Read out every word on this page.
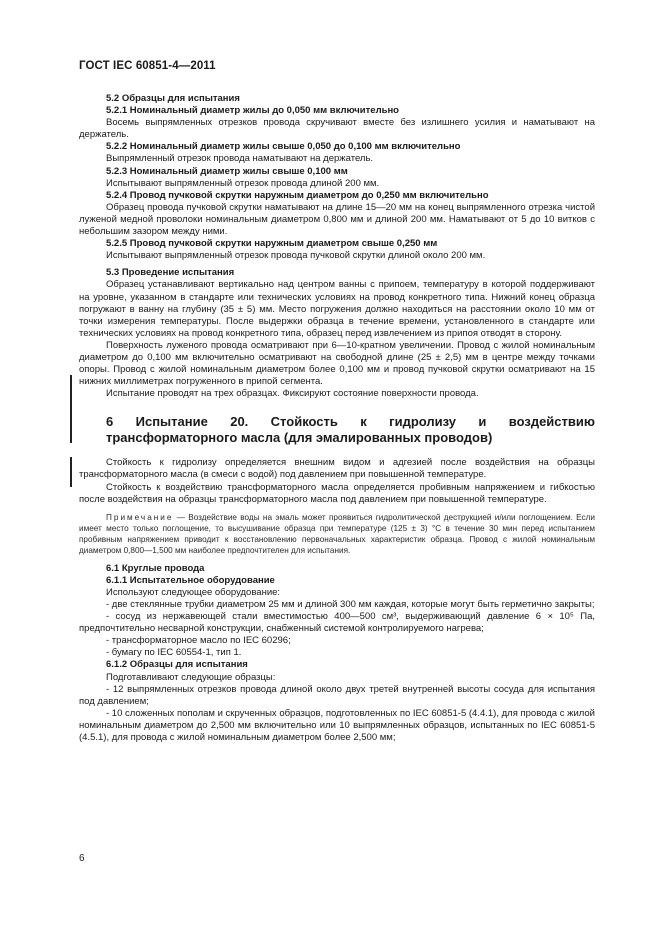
ГОСТ IEC 60851-4—2011

5.2 Образцы для испытания

5.2.1 Номинальный диаметр жилы до 0,050 мм включительно

Восемь выпрямленных отрезков провода скручивают вместе без излишнего усилия и наматывают на держатель.

5.2.2 Номинальный диаметр жилы свыше 0,050 до 0,100 мм включительно

Выпрямленный отрезок провода наматывают на держатель.

5.2.3 Номинальный диаметр жилы свыше 0,100 мм

Испытывают выпрямленный отрезок провода длиной 200 мм.

5.2.4 Провод пучковой скрутки наружным диаметром до 0,250 мм включительно

Образец провода пучковой скрутки наматывают на длине 15—20 мм на конец выпрямленного отрезка чистой луженой медной проволоки номинальным диаметром 0,800 мм и длиной 200 мм. Наматывают от 5 до 10 витков с небольшим зазором между ними.

5.2.5 Провод пучковой скрутки наружным диаметром свыше 0,250 мм

Испытывают выпрямленный отрезок провода пучковой скрутки длиной около 200 мм.

5.3 Проведение испытания

Образец устанавливают вертикально над центром ванны с припоем, температуру в которой поддерживают на уровне, указанном в стандарте или технических условиях на провод конкретного типа. Нижний конец образца погружают в ванну на глубину (35 ± 5) мм. Место погружения должно находиться на расстоянии около 10 мм от точки измерения температуры. После выдержки образца в течение времени, установленного в стандарте или технических условиях на провод конкретного типа, образец перед извлечением из припоя отводят в сторону.

Поверхность луженого провода осматривают при 6—10-кратном увеличении. Провод с жилой номинальным диаметром до 0,100 мм включительно осматривают на свободной длине (25 ± 2,5) мм в центре между точками опоры. Провод с жилой номинальным диаметром более 0,100 мм и провод пучковой скрутки осматривают на 15 нижних миллиметрах погруженного в припой сегмента.

Испытание проводят на трех образцах. Фиксируют состояние поверхности провода.

6 Испытание 20. Стойкость к гидролизу и воздействию трансформаторного масла (для эмалированных проводов)

Стойкость к гидролизу определяется внешним видом и адгезией после воздействия на образцы трансформаторного масла (в смеси с водой) под давлением при повышенной температуре.

Стойкость к воздействию трансформаторного масла определяется пробивным напряжением и гибкостью после воздействия на образцы трансформаторного масла под давлением при повышенной температуре.

Примечание — Воздействие воды на эмаль может проявиться гидролитической деструкцией и/или поглощением. Если имеет место только поглощение, то высушивание образца при температуре (125 ± 3) °С в течение 30 мин перед испытанием пробивным напряжением приводит к восстановлению первоначальных характеристик образца. Провод с жилой номинальным диаметром 0,800—1,500 мм наиболее предпочтителен для испытания.

6.1 Круглые провода

6.1.1 Испытательное оборудование

Используют следующее оборудование:

- две стеклянные трубки диаметром 25 мм и длиной 300 мм каждая, которые могут быть герметично закрыты;

- сосуд из нержавеющей стали вместимостью 400—500 см³, выдерживающий давление 6 × 10⁵ Па, предпочтительно несварной конструкции, снабженный системой контролируемого нагрева;

- трансформаторное масло по IEC 60296;

- бумагу по IEC 60554-1, тип 1.

6.1.2 Образцы для испытания

Подготавливают следующие образцы:

- 12 выпрямленных отрезков провода длиной около двух третей внутренней высоты сосуда для испытания под давлением;

- 10 сложенных пополам и скрученных образцов, подготовленных по IEC 60851-5 (4.4.1), для провода с жилой номинальным диаметром до 2,500 мм включительно или 10 выпрямленных образцов, испытанных по IEC 60851-5 (4.5.1), для провода с жилой номинальным диаметром более 2,500 мм;

6
